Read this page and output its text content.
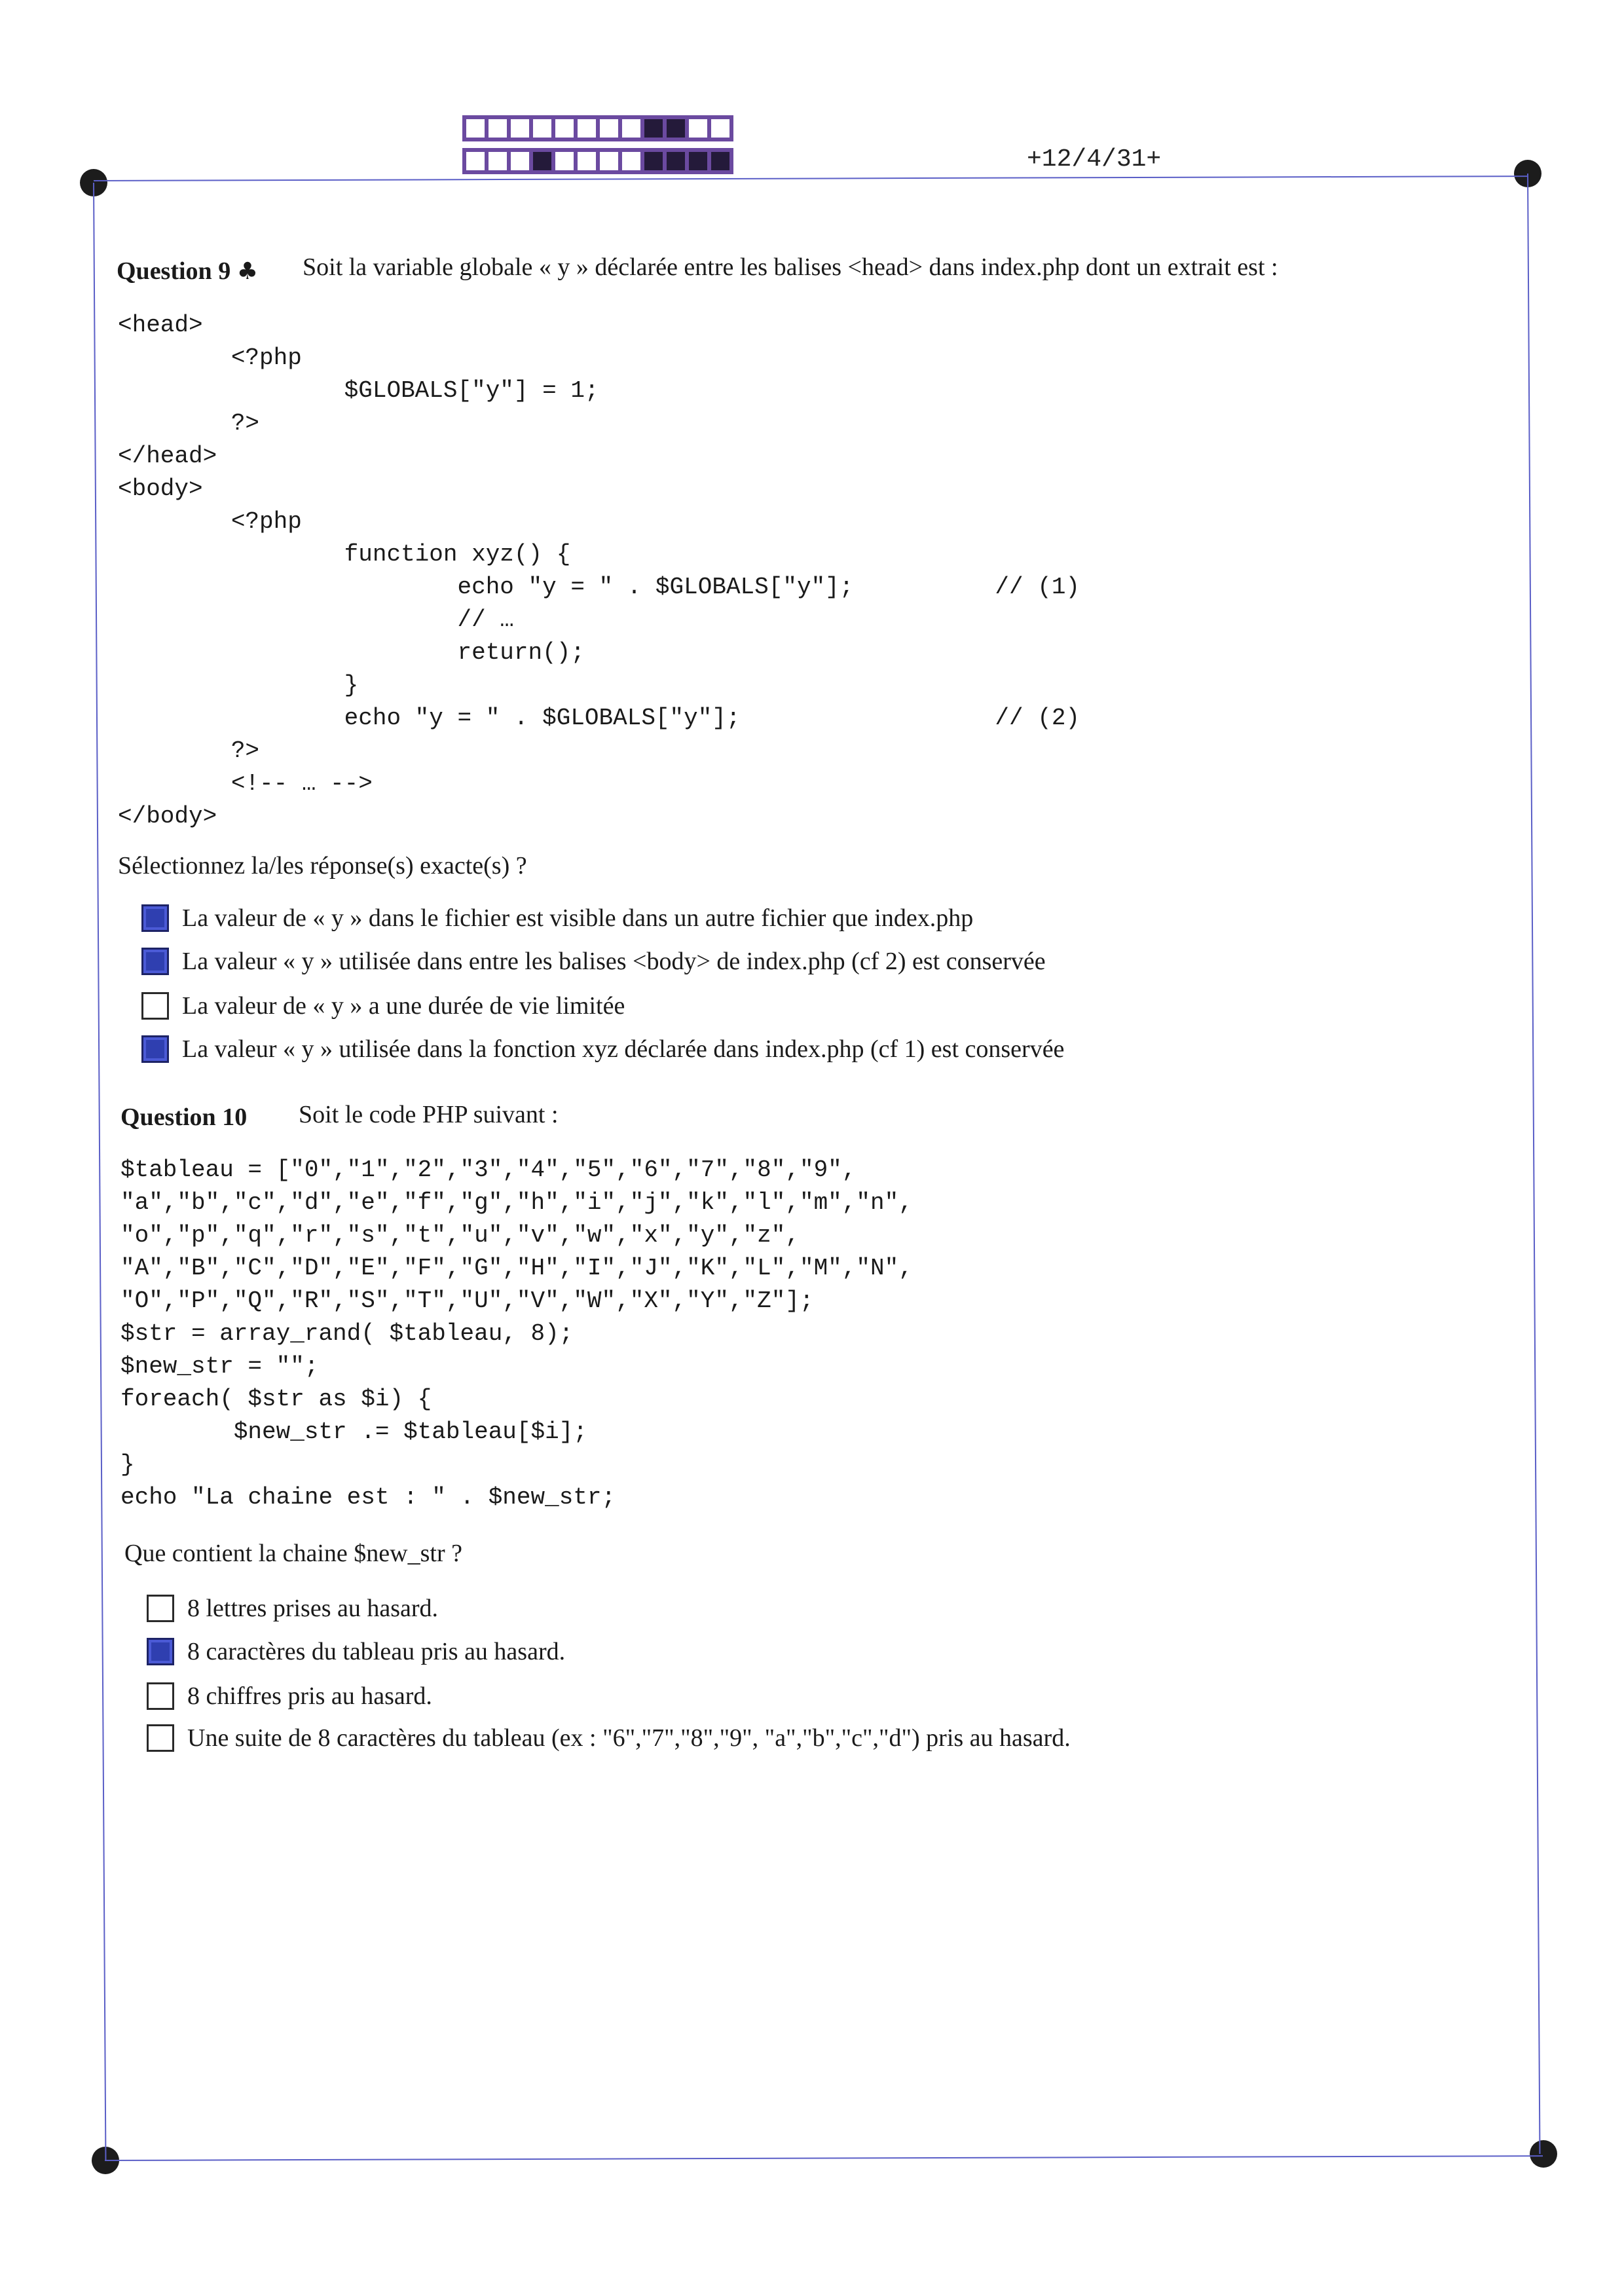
+12/4/31+
Question 9 ♣ Soit la variable globale « y » déclarée entre les balises <head> dans index.php dont un extrait est :
<head>
<?php
$GLOBALS["y"] = 1;
?>
</head>
<body>
<?php
function xyz() {
echo "y = " . $GLOBALS["y"];          // (1)
// …
return();
}
echo "y = " . $GLOBALS["y"];                  // (2)
?>
<!-- … -->
</body>
Sélectionnez la/les réponse(s) exacte(s) ?
La valeur de « y » dans le fichier est visible dans un autre fichier que index.php
La valeur « y » utilisée dans entre les balises <body> de index.php (cf 2) est conservée
La valeur de « y » a une durée de vie limitée
La valeur « y » utilisée dans la fonction xyz déclarée dans index.php (cf 1) est conservée
Question 10 Soit le code PHP suivant :
$tableau = ["0","1","2","3","4","5","6","7","8","9",
"a","b","c","d","e","f","g","h","i","j","k","l","m","n",
"o","p","q","r","s","t","u","v","w","x","y","z",
"A","B","C","D","E","F","G","H","I","J","K","L","M","N",
"O","P","Q","R","S","T","U","V","W","X","Y","Z"];
$str = array_rand( $tableau, 8);
$new_str = "";
foreach( $str as $i) {
$new_str .= $tableau[$i];
}
echo "La chaine est : " . $new_str;
Que contient la chaine $new_str ?
8 lettres prises au hasard.
8 caractères du tableau pris au hasard.
8 chiffres pris au hasard.
Une suite de 8 caractères du tableau (ex : "6","7","8","9", "a","b","c","d") pris au hasard.
